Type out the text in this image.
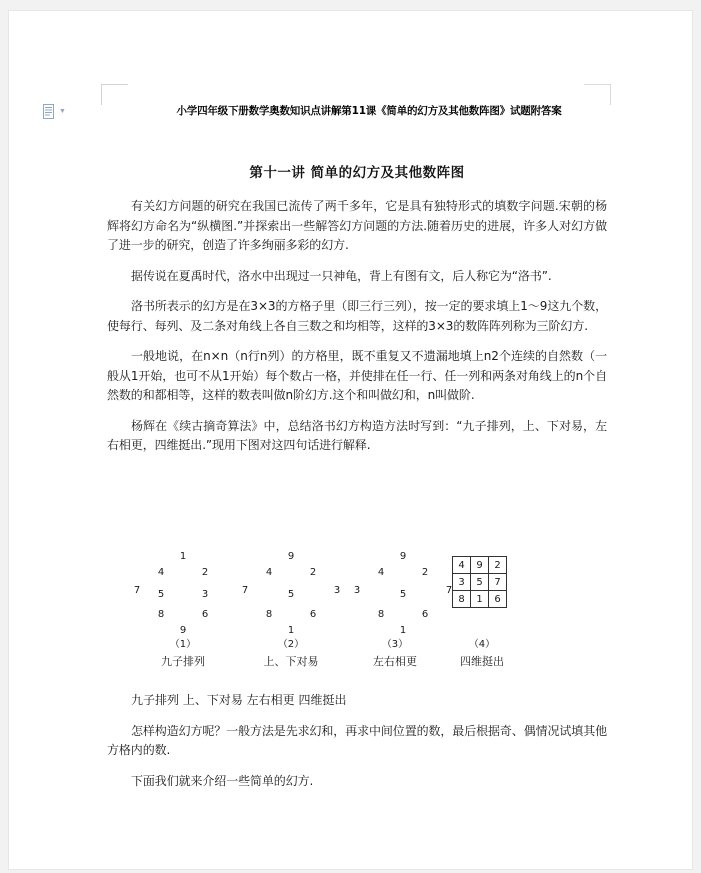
▼	小学四年级下册数学奥数知识点讲解第11课《简单的幻方及其他数阵图》试题附答案
第十一讲 简单的幻方及其他数阵图

有关幻方问题的研究在我国已流传了两千多年，它是具有独特形式的填数字问题.宋朝的杨辉将幻方命名为“纵横图.”并探索出一些解答幻方问题的方法.随着历史的进展，许多人对幻方做了进一步的研究，创造了许多绚丽多彩的幻方.

据传说在夏禹时代，洛水中出现过一只神龟，背上有图有文，后人称它为“洛书”.

洛书所表示的幻方是在3×3的方格子里（即三行三列），按一定的要求填上1～9这九个数，使每行、每列、及二条对角线上各自三数之和均相等，这样的3×3的数阵阵列称为三阶幻方.

一般地说，在n×n（n行n列）的方格里，既不重复又不遗漏地填上n2个连续的自然数（一般从1开始，也可不从1开始）每个数占一格，并使排在任一行、任一列和两条对角线上的n个自然数的和都相等，这样的数表叫做n阶幻方.这个和叫做幻和，n叫做阶.

杨辉在《续古摘奇算法》中，总结洛书幻方构造方法时写到：“九子排列，上、下对易，左右相更，四维挺出.”现用下图对这四句话进行解释.

1
4	2
7 5	3
8	6
9
9
4	2
7	5	3
8	6
1
9
4	2
3	5	7
8	6
1
4	9	2
3	5	7
8	1	6
（1）	（2）	（3）	（4）
九子排列	上、下对易	左右相更	四维挺出

九子排列 上、下对易 左右相更 四维挺出

怎样构造幻方呢？一般方法是先求幻和，再求中间位置的数，最后根据奇、偶情况试填其他方格内的数.

下面我们就来介绍一些简单的幻方.
